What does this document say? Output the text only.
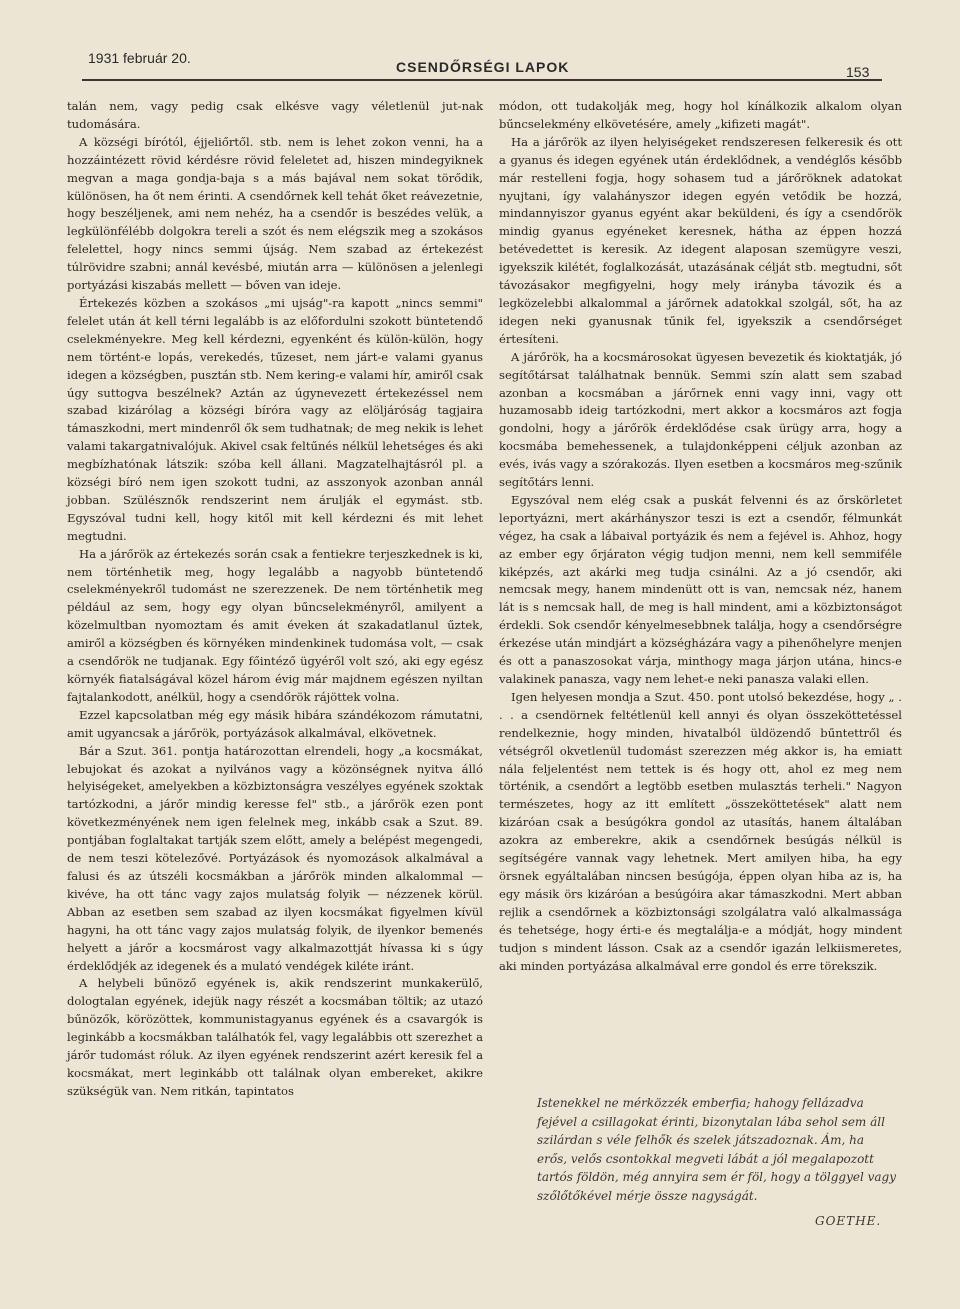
1931 február 20.
CSENDŐRSÉGI LAPOK	153

talán nem, vagy pedig csak elkésve vagy véletlenül jut-nak tudomására.

A községi bírótól, éjjeliőrtől. stb. nem is lehet zokon venni, ha a hozzáintézett rövid kérdésre rövid feleletet ad, hiszen mindegyiknek megvan a maga gondja-baja s a más bajával nem sokat törődik, különösen, ha őt nem érinti. A csendőrnek kell tehát őket reávezetnie, hogy beszéljenek, ami nem nehéz, ha a csendőr is beszédes velük, a legkülönfélébb dolgokra tereli a szót és nem elégszik meg a szokásos felelettel, hogy nincs semmi újság. Nem szabad az értekezést túlrövidre szabni; annál kevésbé, miután arra — különösen a jelenlegi portyázási kiszabás mellett — bőven van ideje.

Értekezés közben a szokásos „mi ujság"-ra kapott „nincs semmi" felelet után át kell térni legalább is az előfordulni szokott büntetendő cselekményekre. Meg kell kérdezni, egyenként és külön-külön, hogy nem történt-e lopás, verekedés, tűzeset, nem járt-e valami gyanus idegen a községben, pusztán stb. Nem kering-e valami hír, amiről csak úgy suttogva beszélnek? Aztán az úgynevezett értekezéssel nem szabad kizárólag a községi bíróra vagy az elöljáróság tagjaira támaszkodni, mert mindenről ők sem tudhatnak; de meg nekik is lehet valami takargatnivalójuk. Akivel csak feltűnés nélkül lehetséges és aki megbízhatónak látszik: szóba kell állani. Magzatelhajtásról pl. a községi bíró nem igen szokott tudni, az asszonyok azonban annál jobban. Szülésznők rendszerint nem árulják el egymást. stb. Egyszóval tudni kell, hogy kitől mit kell kérdezni és mit lehet megtudni.

Ha a járőrök az értekezés során csak a fentiekre terjeszkednek is ki, nem történhetik meg, hogy legalább a nagyobb büntetendő cselekményekről tudomást ne szerezzenek. De nem történhetik meg például az sem, hogy egy olyan bűncselekményről, amilyent a közelmultban nyomoztam és amit éveken át szakadatlanul űztek, amiről a községben és környéken mindenkinek tudomása volt, — csak a csendőrök ne tudjanak. Egy főintéző ügyéről volt szó, aki egy egész környék fiatalságával közel három évig már majdnem egészen nyiltan fajtalankodott, anélkül, hogy a csendőrök rájöttek volna.

Ezzel kapcsolatban még egy másik hibára szándékozom rámutatni, amit ugyancsak a járőrök, portyázások alkalmával, elkövetnek.

Bár a Szut. 361. pontja határozottan elrendeli, hogy „a kocsmákat, lebujokat és azokat a nyilvános vagy a közönségnek nyitva álló helyiségeket, amelyekben a közbiztonságra veszélyes egyének szoktak tartózkodni, a járőr mindig keresse fel" stb., a járőrök ezen pont következményének nem igen felelnek meg, inkább csak a Szut. 89. pontjában foglaltakat tartják szem előtt, amely a belépést megengedi, de nem teszi kötelezővé. Portyázások és nyomozások alkalmával a falusi és az útszéli kocsmákban a járőrök minden alkalommal — kivéve, ha ott tánc vagy zajos mulatság folyik — nézzenek körül. Abban az esetben sem szabad az ilyen kocsmákat figyelmen kívül hagyni, ha ott tánc vagy zajos mulatság folyik, de ilyenkor bemenés helyett a járőr a kocsmárost vagy alkalmazottját hívassa ki s úgy érdeklődjék az idegenek és a mulató vendégek kiléte iránt.

A helybeli bűnöző egyének is, akik rendszerint munkakerülő, dologtalan egyének, idejük nagy részét a kocsmában töltik; az utazó bűnözők, körözöttek, kommunistagyanus egyének és a csavargók is leginkább a kocsmákban találhatók fel, vagy legalábbis ott szerezhet a járőr tudomást róluk. Az ilyen egyének rendszerint azért keresik fel a kocsmákat, mert leginkább ott találnak olyan embereket, akikre szükségük van. Nem ritkán, tapintatos

módon, ott tudakolják meg, hogy hol kínálkozik alkalom olyan bűncselekmény elkövetésére, amely „kifizeti magát".

Ha a járőrök az ilyen helyiségeket rendszeresen felkeresik és ott a gyanus és idegen egyének után érdeklődnek, a vendéglős később már restelleni fogja, hogy sohasem tud a járőröknek adatokat nyujtani, így valahányszor idegen egyén vetődik be hozzá, mindannyiszor gyanus egyént akar beküldeni, és így a csendőrök mindig gyanus egyéneket keresnek, hátha az éppen hozzá betévedettet is keresik. Az idegent alaposan szemügyre veszi, igyekszik kilétét, foglalkozását, utazásának célját stb. megtudni, sőt távozásakor megfigyelni, hogy mely irányba távozik és a legközelebbi alkalommal a járőrnek adatokkal szolgál, sőt, ha az idegen neki gyanusnak tűnik fel, igyekszik a csendőrséget értesíteni.

A járőrök, ha a kocsmárosokat ügyesen bevezetik és kioktatják, jó segítőtársat találhatnak bennük. Semmi szín alatt sem szabad azonban a kocsmában a járőrnek enni vagy inni, vagy ott huzamosabb ideig tartózkodni, mert akkor a kocsmáros azt fogja gondolni, hogy a járőrök érdeklődése csak ürügy arra, hogy a kocsmába bemehessenek, a tulajdonképpeni céljuk azonban az evés, ivás vagy a szórakozás. Ilyen esetben a kocsmáros meg-szűnik segítőtárs lenni.

Egyszóval nem elég csak a puskát felvenni és az őrskörletet leportyázni, mert akárhányszor teszi is ezt a csendőr, félmunkát végez, ha csak a lábaival portyázik és nem a fejével is. Ahhoz, hogy az ember egy őrjáraton végig tudjon menni, nem kell semmiféle kiképzés, azt akárki meg tudja csinálni. Az a jó csendőr, aki nemcsak megy, hanem mindenütt ott is van, nemcsak néz, hanem lát is s nemcsak hall, de meg is hall mindent, ami a közbiztonságot érdekli. Sok csendőr kényelmesebbnek találja, hogy a csendőrségre érkezése után mindjárt a községházára vagy a pihenőhelyre menjen és ott a panaszosokat várja, minthogy maga járjon utána, hincs-e valakinek panasza, vagy nem lehet-e neki panasza valaki ellen.

Igen helyesen mondja a Szut. 450. pont utolsó bekezdése, hogy „ . . . a csendörnek feltétlenül kell annyi és olyan összeköttetéssel rendelkeznie, hogy minden, hivatalból üldözendő bűntettről és vétségről okvetlenül tudomást szerezzen még akkor is, ha emiatt nála feljelentést nem tettek is és hogy ott, ahol ez meg nem történik, a csendőrt a legtöbb esetben mulasztás terheli." Nagyon természetes, hogy az itt említett „összeköttetések" alatt nem kizáróan csak a besúgókra gondol az utasítás, hanem általában azokra az emberekre, akik a csendőrnek besúgás nélkül is segítségére vannak vagy lehetnek. Mert amilyen hiba, ha egy örsnek egyáltalában nincsen besúgója, éppen olyan hiba az is, ha egy másik örs kizáróan a besúgóira akar támaszkodni. Mert abban rejlik a csendőrnek a közbiztonsági szolgálatra való alkalmassága és tehetsége, hogy érti-e és megtalálja-e a módját, hogy mindent tudjon s mindent lásson. Csak az a csendőr igazán lelkiismeretes, aki minden portyázása alkalmával erre gondol és erre törekszik.

Istenekkel ne mérközzék emberfia; hahogy fellázadva fejével a csillagokat érinti, bizonytalan lába sehol sem áll szilárdan s véle felhők és szelek játszadoznak. Ám, ha erős, velős csontokkal megveti lábát a jól megalapozott tartós földön, még annyira sem ér föl, hogy a tölggyel vagy szőlőtőkével mérje össze nagyságát.
GOETHE.
